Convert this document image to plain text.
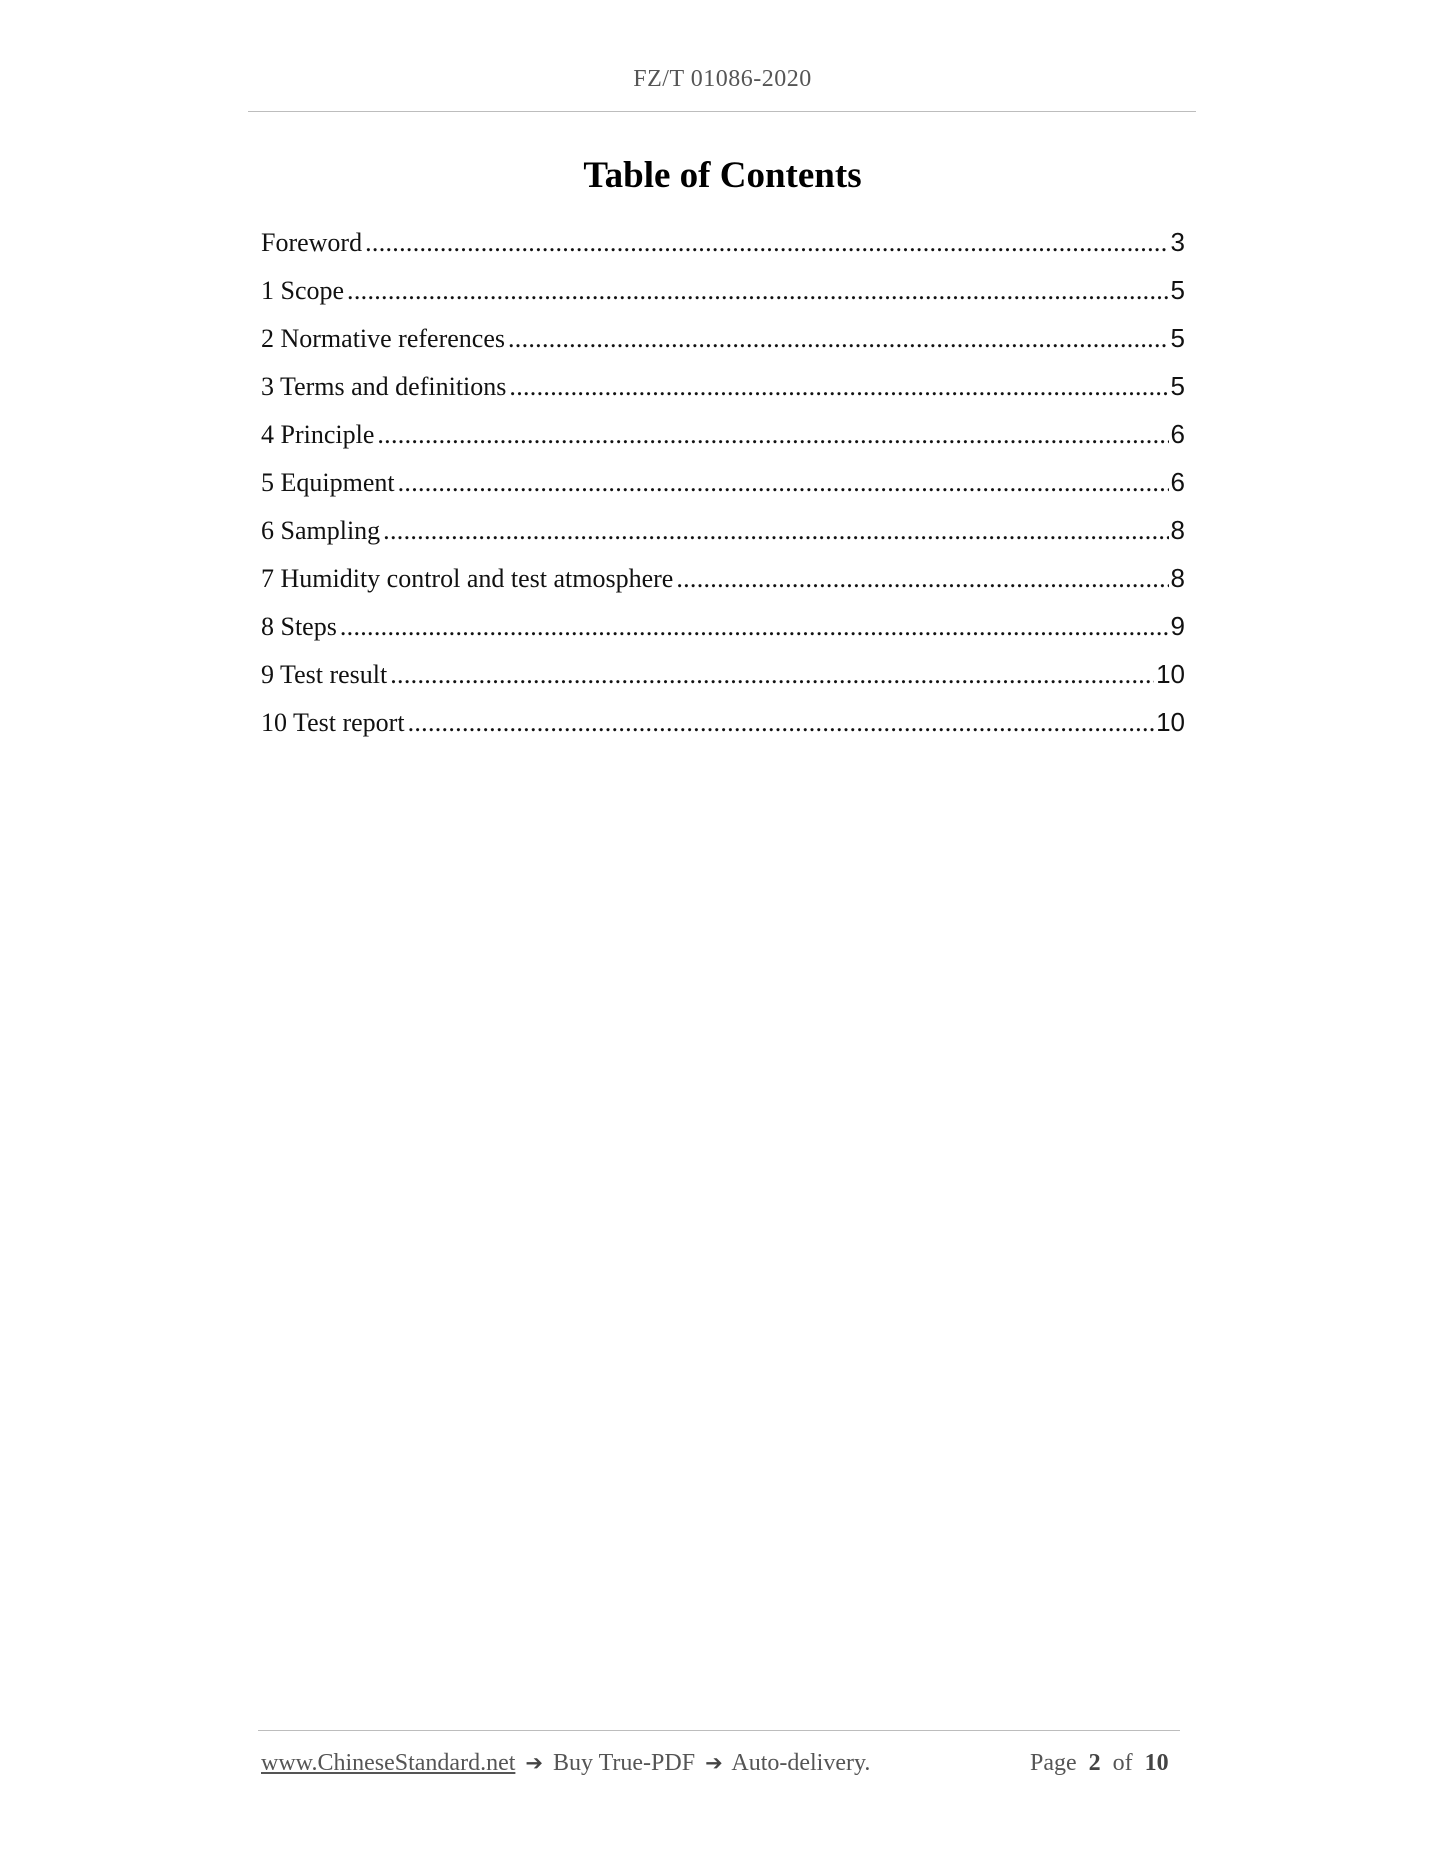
FZ/T 01086-2020
Table of Contents
Foreword .....	3
1 Scope .....	5
2 Normative references .....	5
3 Terms and definitions .....	5
4 Principle .....	6
5 Equipment .....	6
6 Sampling .....	8
7 Humidity control and test atmosphere .....	8
8 Steps .....	9
9 Test result .....	10
10 Test report .....	10
www.ChineseStandard.net ➔ Buy True-PDF ➔ Auto-delivery.	Page 2 of 10
